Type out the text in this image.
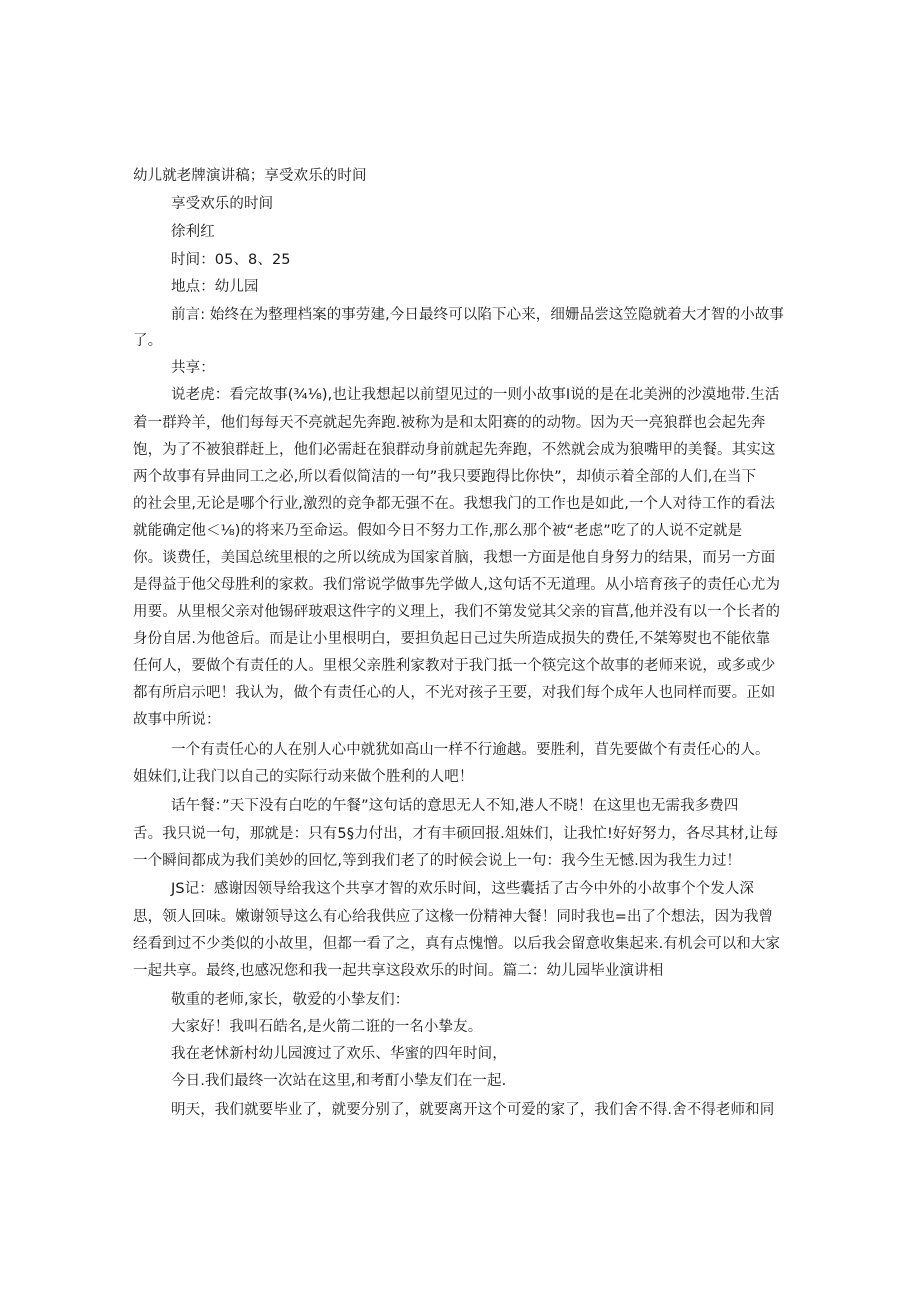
幼儿就老牌演讲稿；享受欢乐的时间
享受欢乐的时间
徐利红
时间：05、8、25
地点：幼儿园
前言: 始终在为整理档案的事劳建,今日最终可以陷下心来，细姗品尝这笠隐就着大才智的小故事
了。
共享：
说老虎：看完故事(¾⅛),也让我想起以前望见过的一则小故事I说的是在北美洲的沙漠地带.生活
着一群羚羊，他们每每天不亮就起先奔跑.被称为是和太阳赛的的动物。因为天一亮狼群也会起先奔
饱，为了不被狼群赶上，他们必需赶在狼群动身前就起先奔跑，不然就会成为狼嘴甲的美餐。其实这
两个故事有异曲同工之必,所以看似简洁的一句”我只要跑得比你快”，却侦示着全部的人们,在当下
的社会里,无论是哪个行业,激烈的竞争都无强不在。我想我门的工作也是如此,一个人对待工作的看法
就能确定他＜⅛)的将来乃至命运。假如今日不努力工作,那么那个被“老虑”吃了的人说不定就是
你。谈费任，美国总统里根的之所以统成为国家首脑，我想一方面是他自身努力的结果，而另一方面
是得益于他父母胜利的家救。我们常说学做事先学做人,这句话不无道理。从小培育孩子的责任心尤为
用要。从里根父亲对他锡砰玻艰这件字的义理上，我们不第发觉其父亲的盲菖,他并没有以一个长者的
身份自居.为他爸后。而是让小里根明白，要担负起日己过失所造成损失的费任,不桀筹熨也不能依靠
任何人，要做个有责任的人。里根父亲胜利家教对于我门抵一个筷完这个故事的老师来说，或多或少
都有所启示吧！我认为，做个有责任心的人，不光对孩子王要，对我们每个成年人也同样而要。正如
故事中所说：
一个有责任心的人在别人心中就犹如高山一样不行逾越。要胜利，苜先要做个有责任心的人。
姐妹们,让我门以自己的实际行动来做个胜利的人吧！
话午餐：”天下没有白吃的午餐”这句话的意思无人不知,港人不晓！在这里也无需我多费四
舌。我只说一句，那就是：只有5§力付出，才有丰硕回报.俎妹们，让我忙!好好努力，各尽其材,让每
一个瞬间都成为我们美妙的回忆,等到我们老了的时候会说上一句：我今生无憾.因为我生力过！
JS记：感谢因领导给我这个共享才智的欢乐时间，这些囊括了古今中外的小故事个个发人深
思，领人回味。嫩谢领导这么有心给我供应了这椽一份精神大餐！同时我也=出了个想法，因为我曾
经看到过不少类似的小故里，但都一看了之，真有点愧憎。以后我会留意收集起来.有机会可以和大家
一起共享。最终,也感况您和我一起共享这段欢乐的时间。篇二：幼儿园毕业演讲相
敬重的老师,家长，敬爱的小挚友们：
大家好！我叫石皓名,是火箭二诳的一名小挚友。
我在老怵新村幼儿园渡过了欢乐、华蜜的四年时间，
今日.我们最终一次站在这里,和考酊小挚友们在一起.
明天，我们就要毕业了，就要分别了，就要离开这个可爱的家了，我们舍不得.舍不得老师和同
